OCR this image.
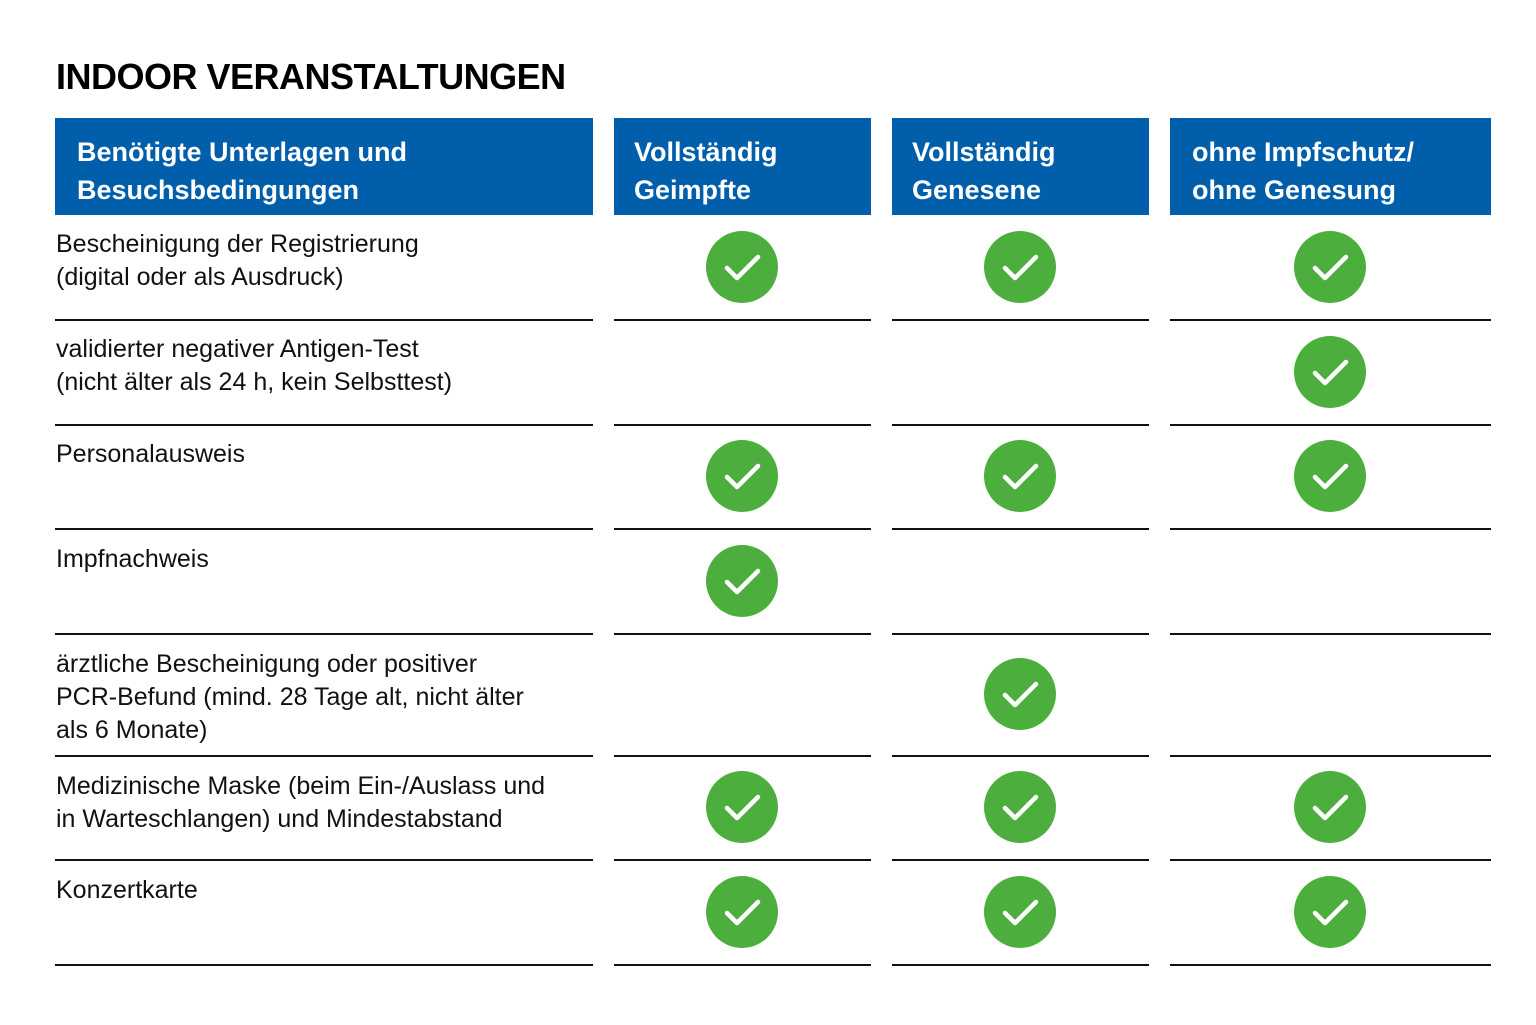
INDOOR VERANSTALTUNGEN
Benötigte Unterlagen und
Besuchsbedingungen
Vollständig
Geimpfte
Vollständig
Genesene
ohne Impfschutz/
ohne Genesung
Bescheinigung der Registrierung
(digital oder als Ausdruck)
validierter negativer Antigen-Test
(nicht älter als 24 h, kein Selbsttest)
Personalausweis
Impfnachweis
ärztliche Bescheinigung oder positiver
PCR-Befund (mind. 28 Tage alt, nicht älter
als 6 Monate)
Medizinische Maske (beim Ein-/Auslass und
in Warteschlangen) und Mindestabstand
Konzertkarte
